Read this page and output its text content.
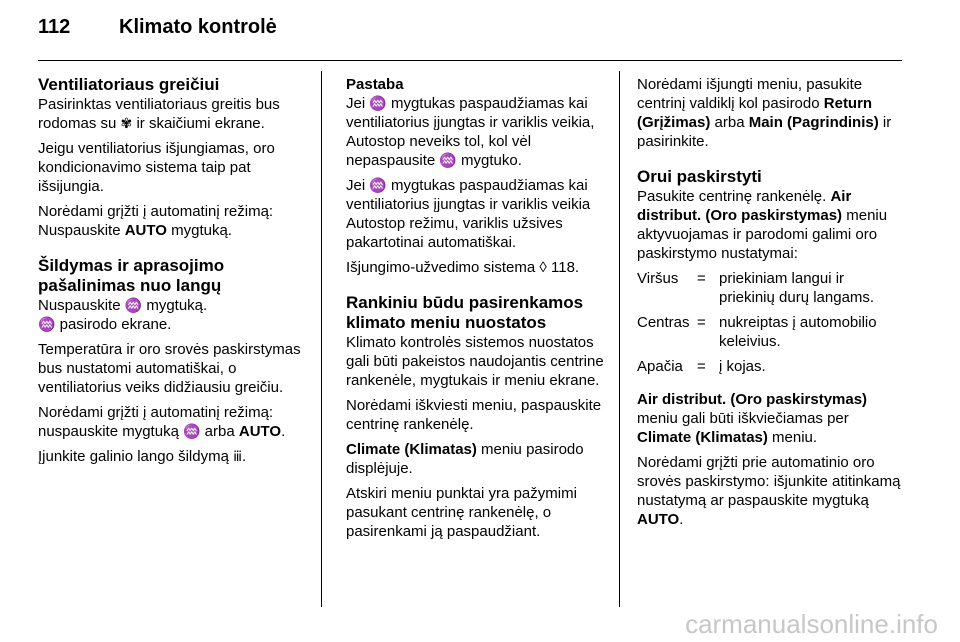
112 Klimato kontrolė
Ventiliatoriaus greičiui

Pasirinktas ventiliatoriaus greitis bus rodomas su ✾ ir skaičiumi ekrane.

Jeigu ventiliatorius išjungiamas, oro kondicionavimo sistema taip pat išsijungia.

Norėdami grįžti į automatinį režimą: Nuspauskite AUTO mygtuką.

Šildymas ir aprasojimo pašalinimas nuo langų

Nuspauskite ♒ mygtuką.

♒ pasirodo ekrane.

Temperatūra ir oro srovės paskirstymas bus nustatomi automatiškai, o ventiliatorius veiks didžiausiu greičiu.

Norėdami grįžti į automatinį režimą: nuspauskite mygtuką ♒ arba AUTO.

Įjunkite galinio lango šildymą ⅲ.

Pastaba

Jei ♒ mygtukas paspaudžiamas kai ventiliatorius įjungtas ir variklis veikia, Autostop neveiks tol, kol vėl nepaspausite ♒ mygtuko.

Jei ♒ mygtukas paspaudžiamas kai ventiliatorius įjungtas ir variklis veikia Autostop režimu, variklis užsives pakartotinai automatiškai.

Išjungimo-užvedimo sistema ◊ 118.

Rankiniu būdu pasirenkamos klimato meniu nuostatos

Klimato kontrolės sistemos nuostatos gali būti pakeistos naudojantis centrine rankenėle, mygtukais ir meniu ekrane.

Norėdami iškviesti meniu, paspauskite centrinę rankenėlę.

Climate (Klimatas) meniu pasirodo displėjuje.

Atskiri meniu punktai yra pažymimi pasukant centrinę rankenėlę, o pasirenkami ją paspaudžiant.

Norėdami išjungti meniu, pasukite centrinį valdiklį kol pasirodo Return (Grįžimas) arba Main (Pagrindinis) ir pasirinkite.

Orui paskirstyti

Pasukite centrinę rankenėlę. Air distribut. (Oro paskirstymas) meniu aktyvuojamas ir parodomi galimi oro paskirstymo nustatymai:

Viršus	=	priekiniam langui ir priekinių durų langams.
Centras	=	nukreiptas į automobilio keleivius.
Apačia	=	į kojas.

Air distribut. (Oro paskirstymas) meniu gali būti iškviečiamas per Climate (Klimatas) meniu.

Norėdami grįžti prie automatinio oro srovės paskirstymo: išjunkite atitinkamą nustatymą ar paspauskite mygtuką AUTO.

carmanualsonline.info
